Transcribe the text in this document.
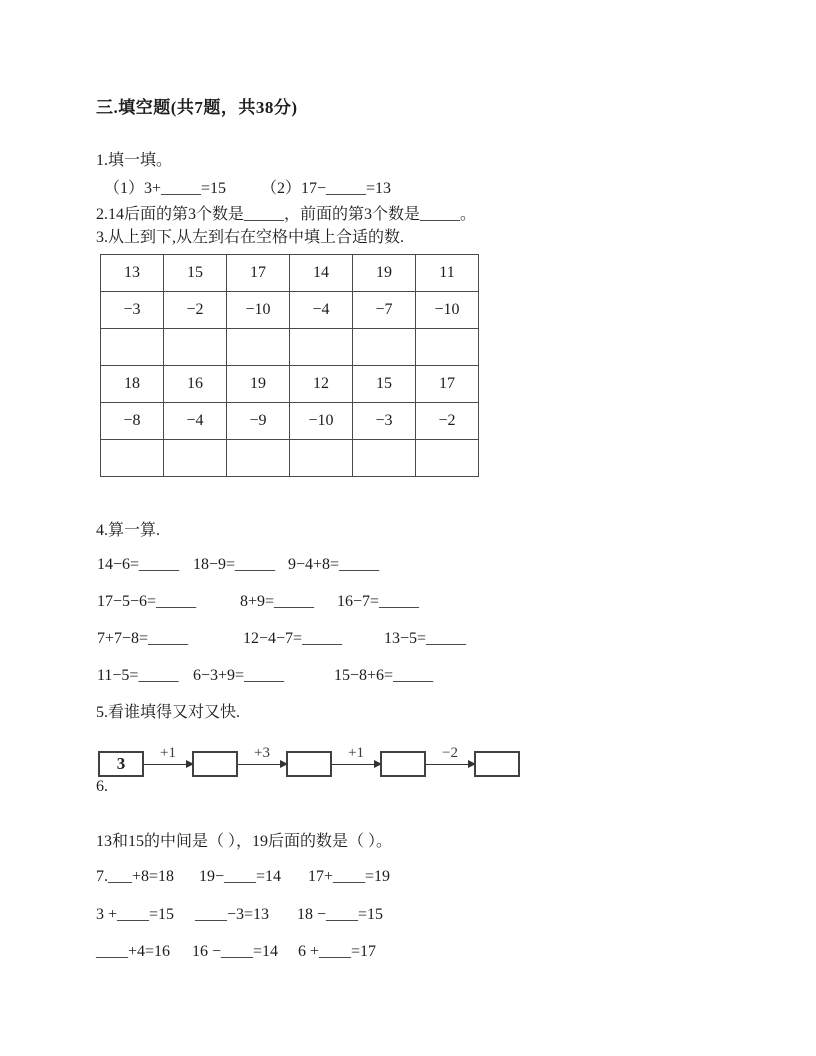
三.填空题(共7题，共38分)
1.填一填。
（1）3+_____=15 （2）17−_____=13
2.14后面的第3个数是_____，前面的第3个数是_____。
3.从上到下,从左到右在空格中填上合适的数.
13	15	17	14	19	11
−3	−2	−10	−4	−7	−10

18	16	19	12	15	17
−8	−4	−9	−10	−3	−2

4.算一算.
14−6=_____ 18−9=_____ 9−4+8=_____
17−5−6=_____	8+9=_____ 16−7=_____
7+7−8=_____	12−4−7=_____	13−5=_____
11−5=_____ 6−3+9=_____	15−8+6=_____
5.看谁填得又对又快.
3
+1	+3	+1	−2
6.
13和15的中间是（ ），19后面的数是（ ）。
7.___+8=18 19−____=14 17+____=19
3 +____=15 ____−3=13 18 −____=15
____+4=16 16 −____=14 6 +____=17
